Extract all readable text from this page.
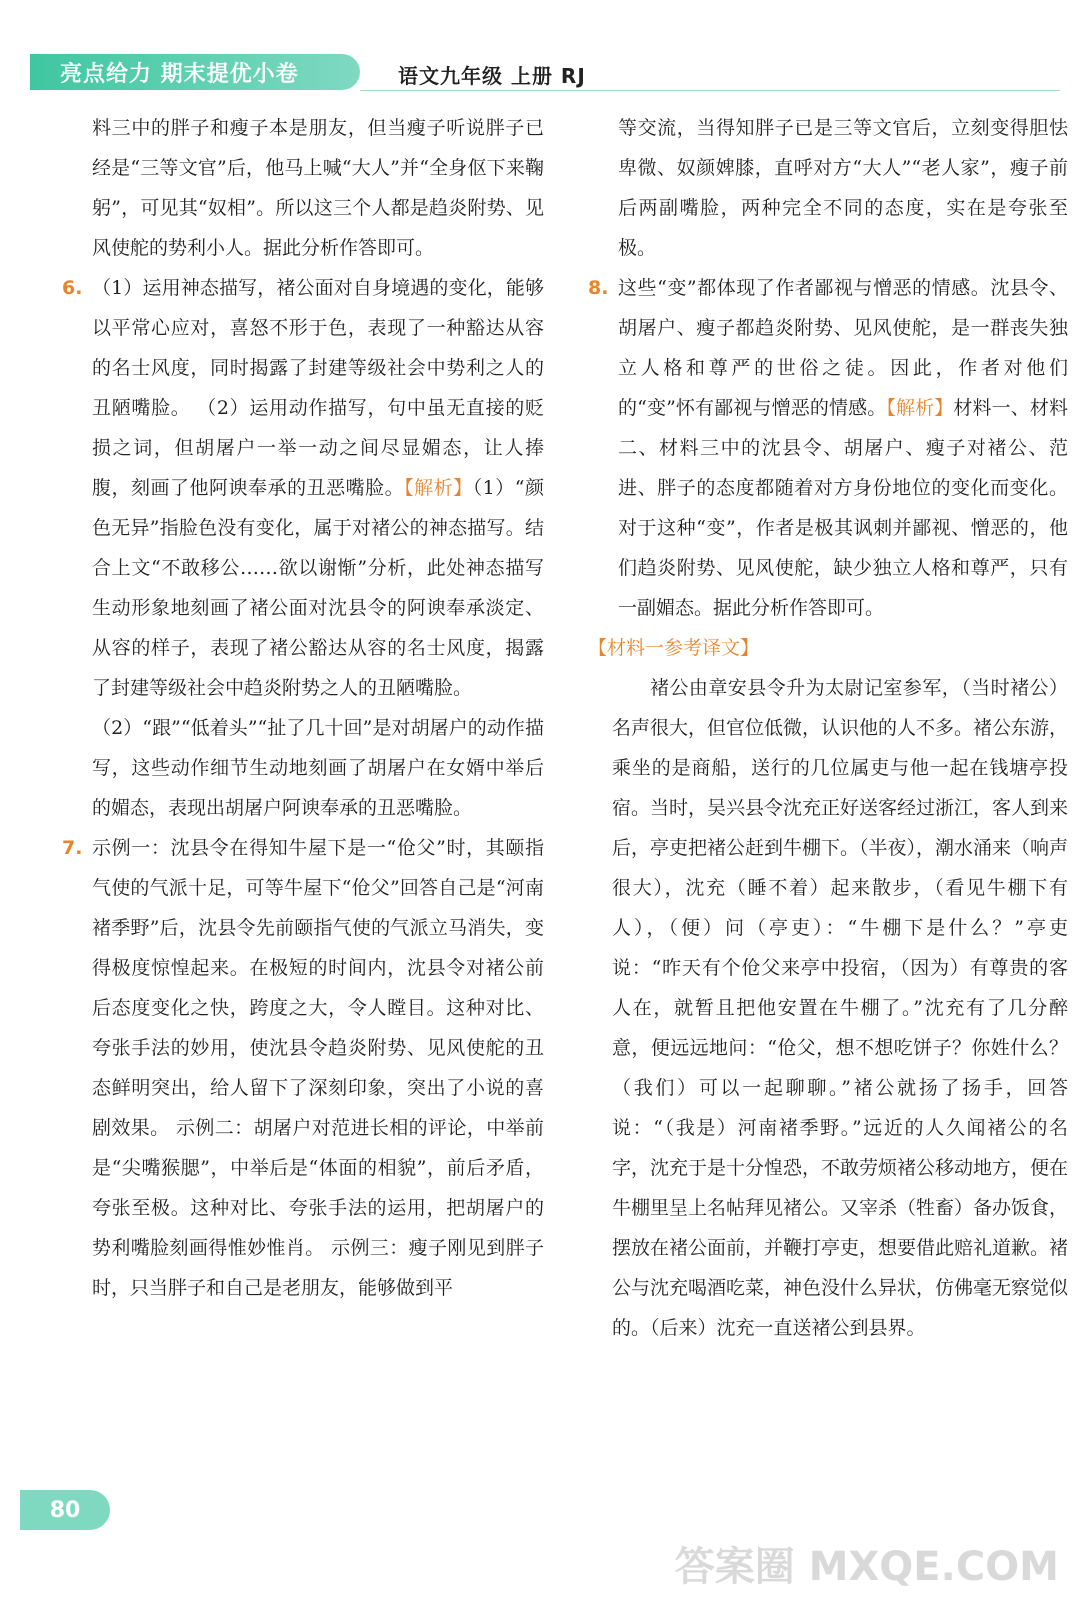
亮点给力 期末提优小卷	语文九年级 上册 RJ

料三中的胖子和瘦子本是朋友，但当瘦子听说胖子已经是“三等文官”后，他马上喊“大人”并“全身伛下来鞠躬”，可见其“奴相”。所以这三个人都是趋炎附势、见风使舵的势利小人。据此分析作答即可。

6. （1）运用神态描写，褚公面对自身境遇的变化，能够以平常心应对，喜怒不形于色，表现了一种豁达从容的名士风度，同时揭露了封建等级社会中势利之人的丑陋嘴脸。 （2）运用动作描写，句中虽无直接的贬损之词，但胡屠户一举一动之间尽显媚态，让人捧腹，刻画了他阿谀奉承的丑恶嘴脸。【解析】（1）“颜色无异”指脸色没有变化，属于对褚公的神态描写。结合上文“不敢移公……欲以谢惭”分析，此处神态描写生动形象地刻画了褚公面对沈县令的阿谀奉承淡定、从容的样子，表现了褚公豁达从容的名士风度，揭露了封建等级社会中趋炎附势之人的丑陋嘴脸。

（2）“跟”“低着头”“扯了几十回”是对胡屠户的动作描写，这些动作细节生动地刻画了胡屠户在女婿中举后的媚态，表现出胡屠户阿谀奉承的丑恶嘴脸。

7. 示例一：沈县令在得知牛屋下是一“伧父”时，其颐指气使的气派十足，可等牛屋下“伧父”回答自己是“河南褚季野”后，沈县令先前颐指气使的气派立马消失，变得极度惊惶起来。在极短的时间内，沈县令对褚公前后态度变化之快，跨度之大，令人瞠目。这种对比、夸张手法的妙用，使沈县令趋炎附势、见风使舵的丑态鲜明突出，给人留下了深刻印象，突出了小说的喜剧效果。 示例二：胡屠户对范进长相的评论，中举前是“尖嘴猴腮”，中举后是“体面的相貌”，前后矛盾，夸张至极。这种对比、夸张手法的运用，把胡屠户的势利嘴脸刻画得惟妙惟肖。 示例三：瘦子刚见到胖子时，只当胖子和自己是老朋友，能够做到平

等交流，当得知胖子已是三等文官后，立刻变得胆怯卑微、奴颜婢膝，直呼对方“大人”“老人家”，瘦子前后两副嘴脸，两种完全不同的态度，实在是夸张至极。

8. 这些“变”都体现了作者鄙视与憎恶的情感。沈县令、胡屠户、瘦子都趋炎附势、见风使舵，是一群丧失独立人格和尊严的世俗之徒。因此，作者对他们的“变”怀有鄙视与憎恶的情感。【解析】材料一、材料二、材料三中的沈县令、胡屠户、瘦子对褚公、范进、胖子的态度都随着对方身份地位的变化而变化。对于这种“变”，作者是极其讽刺并鄙视、憎恶的，他们趋炎附势、见风使舵，缺少独立人格和尊严，只有一副媚态。据此分析作答即可。

【材料一参考译文】

褚公由章安县令升为太尉记室参军，（当时褚公）名声很大，但官位低微，认识他的人不多。褚公东游，乘坐的是商船，送行的几位属吏与他一起在钱塘亭投宿。当时，吴兴县令沈充正好送客经过浙江，客人到来后，亭吏把褚公赶到牛棚下。（半夜），潮水涌来（响声很大），沈充（睡不着）起来散步，（看见牛棚下有人），（便）问（亭吏）：“牛棚下是什么？”亭吏说：“昨天有个伧父来亭中投宿，（因为）有尊贵的客人在，就暂且把他安置在牛棚了。”沈充有了几分醉意，便远远地问：“伧父，想不想吃饼子？你姓什么？（我们）可以一起聊聊。”褚公就扬了扬手，回答说：“（我是）河南褚季野。”远近的人久闻褚公的名字，沈充于是十分惶恐，不敢劳烦褚公移动地方，便在牛棚里呈上名帖拜见褚公。又宰杀（牲畜）备办饭食，摆放在褚公面前，并鞭打亭吏，想要借此赔礼道歉。褚公与沈充喝酒吃菜，神色没什么异状，仿佛毫无察觉似的。（后来）沈充一直送褚公到县界。

80
答案圈 MXQE.COM
